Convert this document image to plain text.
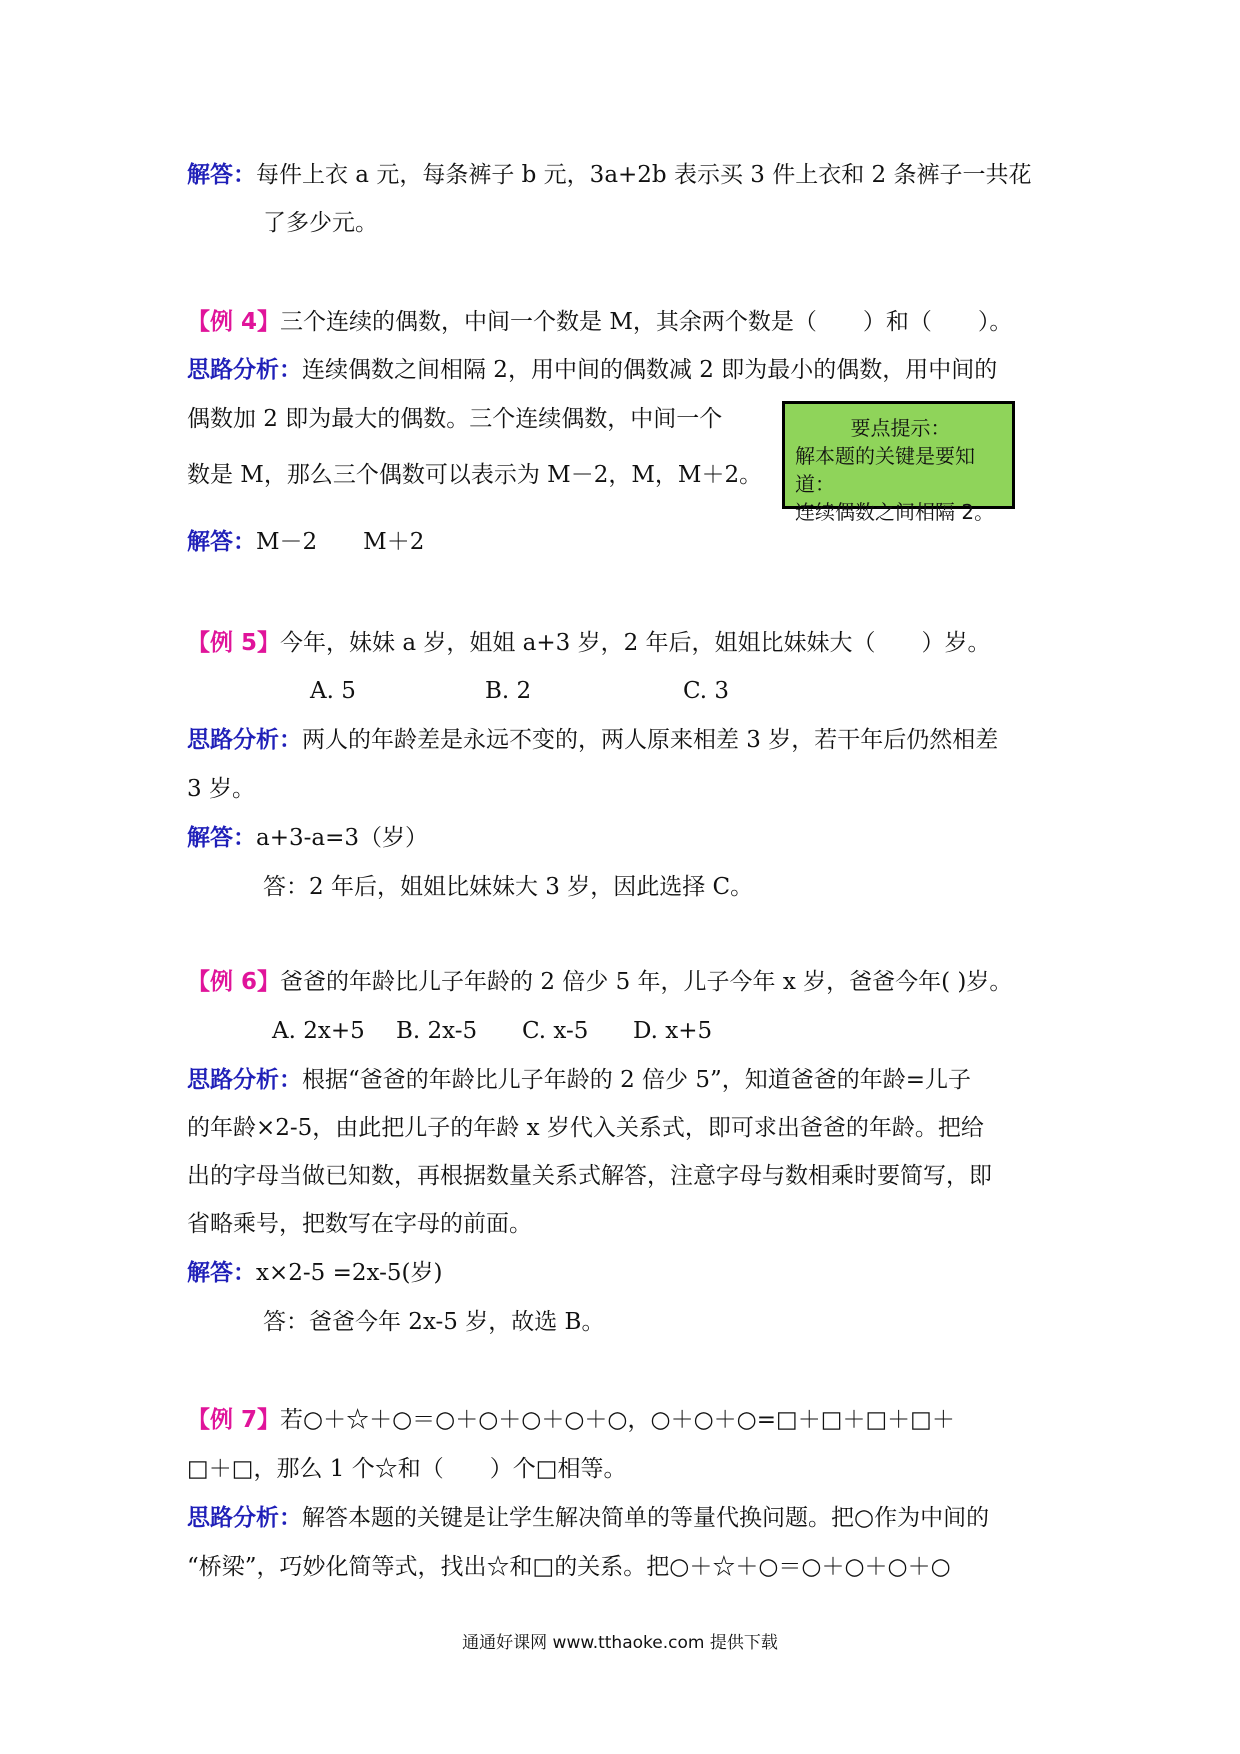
解答：每件上衣 a 元，每条裤子 b 元，3a+2b 表示买 3 件上衣和 2 条裤子一共花
了多少元。
【例 4】三个连续的偶数，中间一个数是 M，其余两个数是（　　）和（　　）。
思路分析：连续偶数之间相隔 2，用中间的偶数减 2 即为最小的偶数，用中间的
偶数加 2 即为最大的偶数。三个连续偶数，中间一个
数是 M，那么三个偶数可以表示为 M－2，M，M＋2。
要点提示：
解本题的关键是要知道：
连续偶数之间相隔 2。
解答：M－2　　M＋2
【例 5】今年，妹妹 a 岁，姐姐 a+3 岁，2 年后，姐姐比妹妹大（　　）岁。
A. 5	B. 2	C. 3
思路分析：两人的年龄差是永远不变的，两人原来相差 3 岁，若干年后仍然相差
3 岁。
解答：a+3-a=3（岁）
答：2 年后，姐姐比妹妹大 3 岁，因此选择 C。
【例 6】爸爸的年龄比儿子年龄的 2 倍少 5 年，儿子今年 x 岁，爸爸今年( )岁。
A. 2x+5 B. 2x-5 C. x-5 D. x+5
思路分析：根据“爸爸的年龄比儿子年龄的 2 倍少 5”，知道爸爸的年龄=儿子
的年龄×2-5，由此把儿子的年龄 x 岁代入关系式，即可求出爸爸的年龄。把给
出的字母当做已知数，再根据数量关系式解答，注意字母与数相乘时要简写，即
省略乘号，把数写在字母的前面。
解答：x×2-5 =2x-5(岁)
答：爸爸今年 2x-5 岁，故选 B。
【例 7】若○＋☆＋○＝○＋○＋○＋○＋○，○＋○＋○=□＋□＋□＋□＋
□＋□，那么 1 个☆和（　　）个□相等。
思路分析：解答本题的关键是让学生解决简单的等量代换问题。把○作为中间的
“桥梁”，巧妙化简等式，找出☆和□的关系。把○＋☆＋○＝○＋○＋○＋○
通通好课网 www.tthaoke.com 提供下载
